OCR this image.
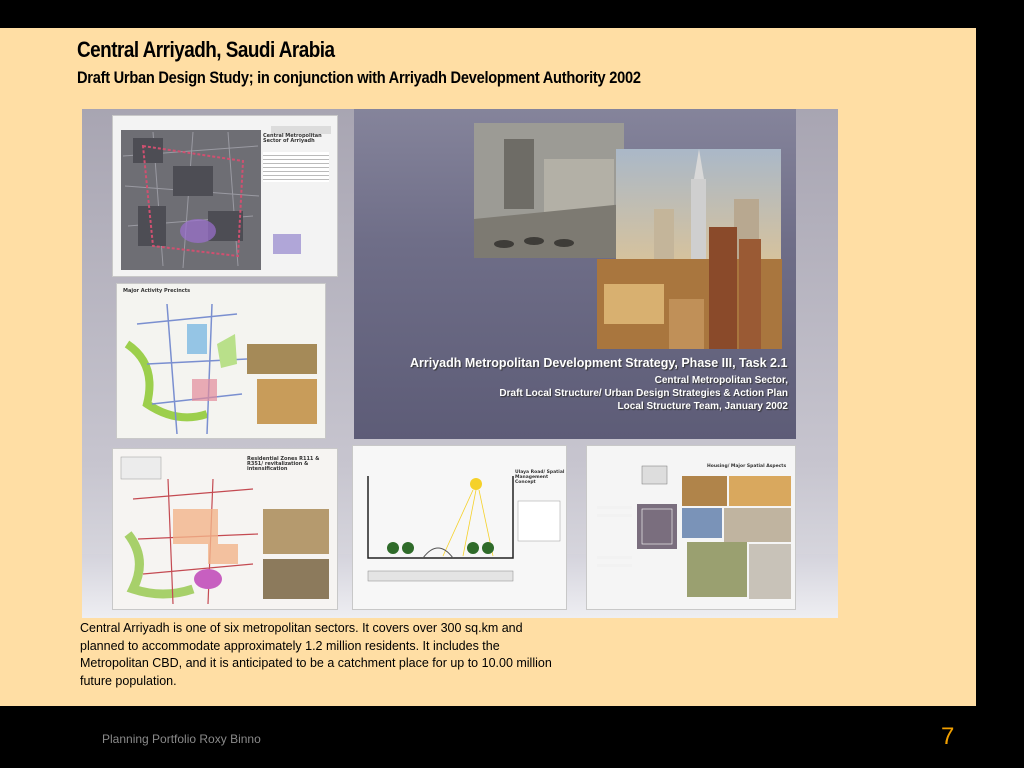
Central Arriyadh, Saudi Arabia
Draft Urban Design Study; in conjunction with Arriyadh Development Authority 2002
Central Metropolitan Sector of Arriyadh
Major Activity Precincts
Residential Zones R111 & R351/ revitalization & intensification
Arriyadh Metropolitan Development Strategy, Phase III, Task 2.1
Central Metropolitan Sector,
Draft Local Structure/ Urban Design Strategies & Action Plan
Local Structure Team, January 2002
Ulaya Road/ Spatial Management Concept
Housing/ Major Spatial Aspects
Central Arriyadh is one of six metropolitan sectors. It covers over 300 sq.km and planned to accommodate approximately 1.2 million residents. It includes the Metropolitan CBD, and it is anticipated to be a catchment place for up to 10.00 million future population.
Planning Portfolio Roxy Binno	7
